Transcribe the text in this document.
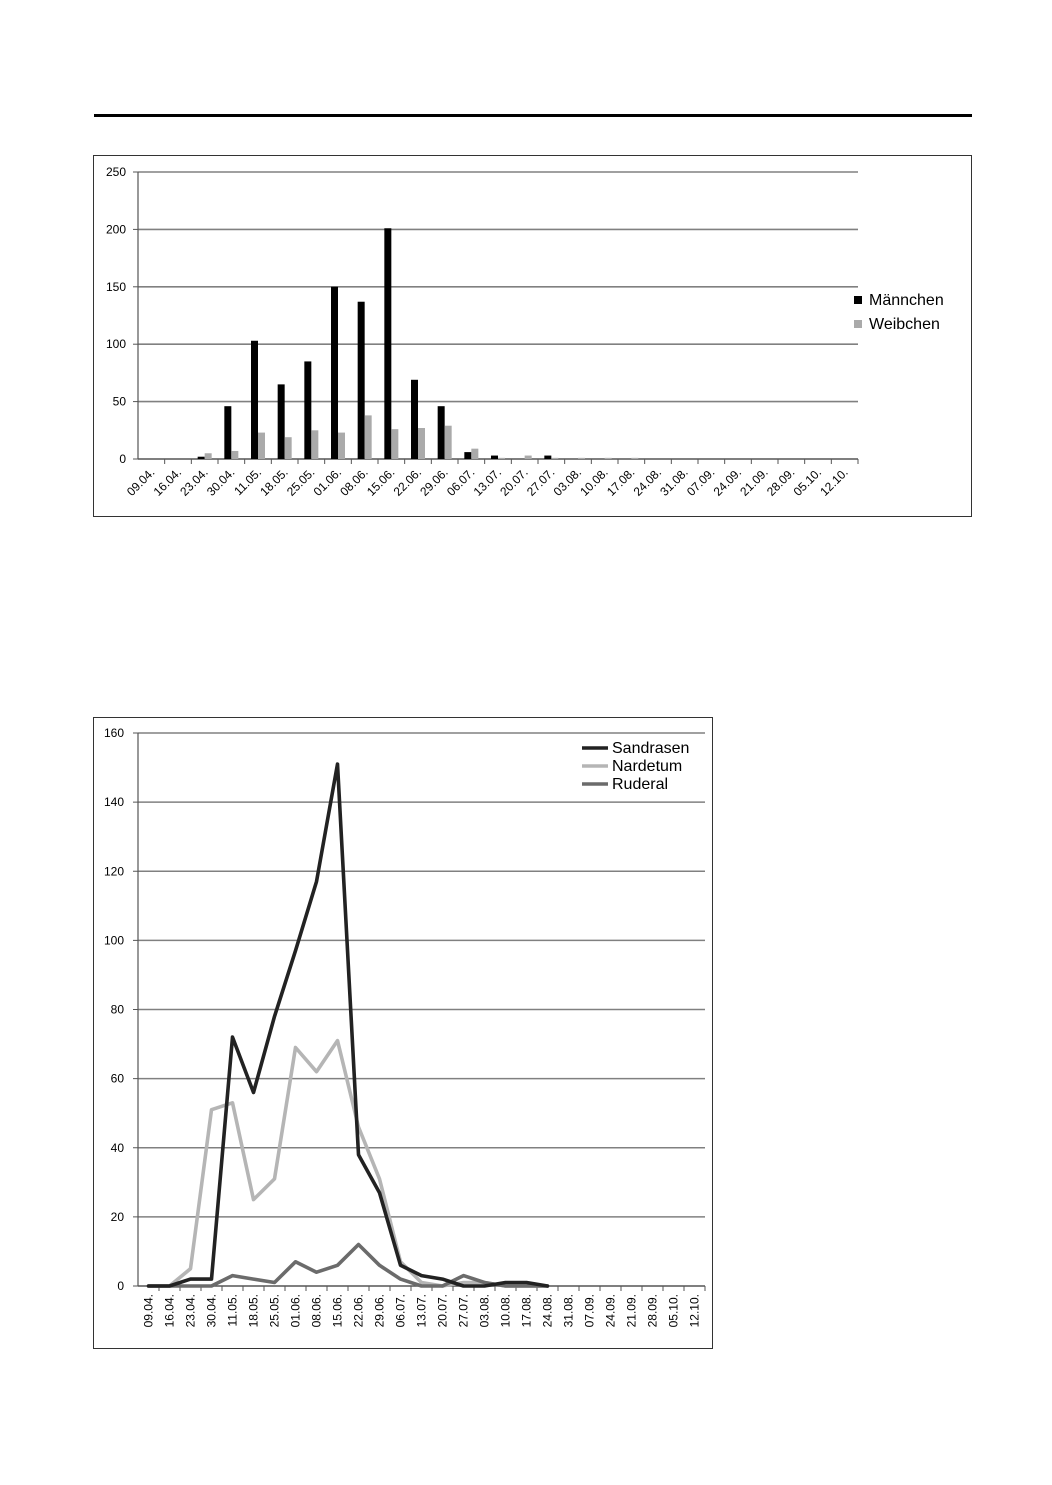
0
50
100
150
200
250
09.04.
16.04.
23.04.
30.04.
11.05.
18.05.
25.05.
01.06.
08.06.
15.06.
22.06.
29.06.
06.07.
13.07.
20.07.
27.07.
03.08.
10.08.
17.08.
24.08.
31.08.
07.09.
24.09.
21.09.
28.09.
05.10.
12.10.
Männchen
Weibchen
0
20
40
60
80
100
120
140
160
09.04. 16.04. 23.04. 30.04. 11.05. 18.05. 25.05. 01.06. 08.06. 15.06. 22.06. 29.06. 06.07. 13.07. 20.07. 27.07. 03.08. 10.08. 17.08. 24.08. 31.08. 07.09. 24.09. 21.09. 28.09. 05.10. 12.10.
Sandrasen
Nardetum
Ruderal
